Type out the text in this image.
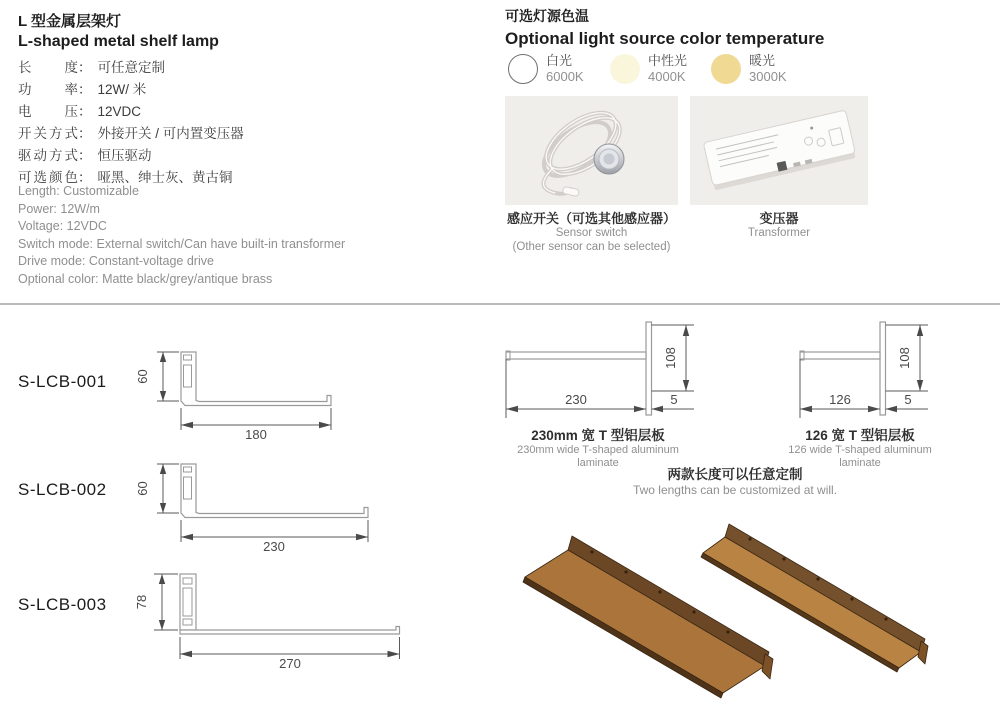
L 型金属层架灯
L-shaped metal shelf lamp
长度： 可任意定制
功率： 12W/ 米
电压： 12VDC
开关方式： 外接开关 / 可内置变压器
驱动方式： 恒压驱动
可选颜色： 哑黑、绅士灰、黄古铜
Length: Customizable
Power: 12W/m
Voltage: 12VDC
Switch mode: External switch/Can have built-in transformer
Drive mode: Constant-voltage drive
Optional color: Matte black/grey/antique brass
可选灯源色温
Optional light source color temperature
白光
6000K
中性光
4000K
暖光
3000K
感应开关（可选其他感应器）
Sensor switch
(Other sensor can be selected)
变压器
Transformer
S-LCB-001
S-LCB-002
S-LCB-003
60
180
60
230
78
270
108
230	5
108
126	5
230mm 宽 T 型铝层板
230mm wide T-shaped aluminum laminate
126 宽 T 型铝层板
126 wide T-shaped aluminum laminate
两款长度可以任意定制
Two lengths can be customized at will.
